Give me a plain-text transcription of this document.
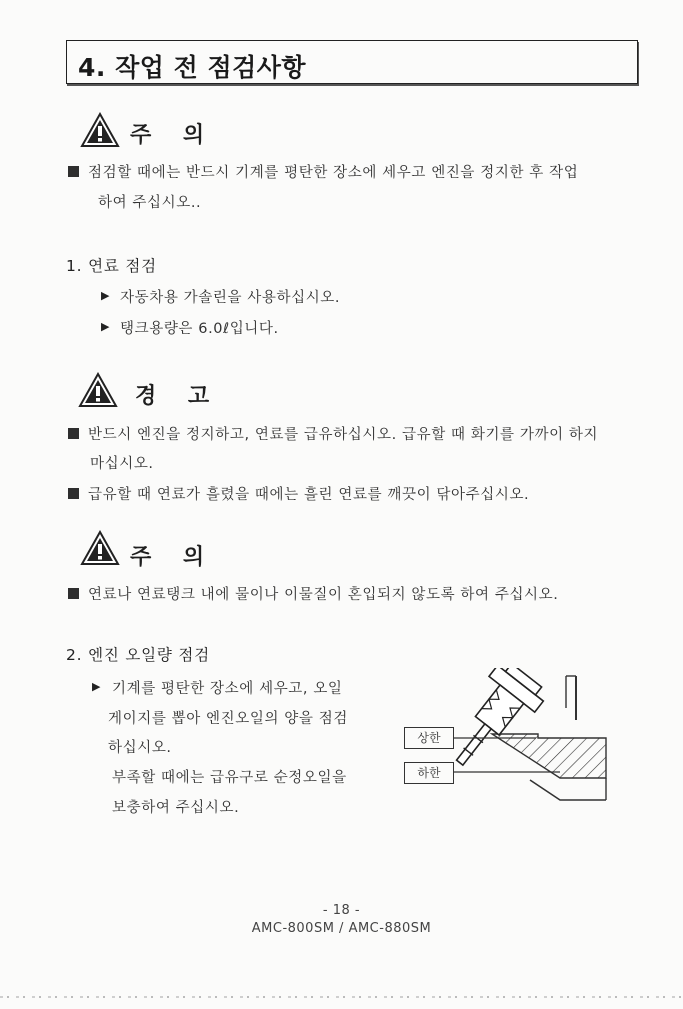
4. 작업 전 점검사항
주 의
점검할 때에는 반드시 기계를 평탄한 장소에 세우고 엔진을 정지한 후 작업
하여 주십시오..
1. 연료 점검
▶ 자동차용 가솔린을 사용하십시오.
▶ 탱크용량은 6.0ℓ입니다.
경 고
반드시 엔진을 정지하고, 연료를 급유하십시오. 급유할 때 화기를 가까이 하지
마십시오.
급유할 때 연료가 흘렸을 때에는 흘린 연료를 깨끗이 닦아주십시오.
주 의
연료나 연료탱크 내에 물이나 이물질이 혼입되지 않도록 하여 주십시오.
2. 엔진 오일량 점검
▶ 기계를 평탄한 장소에 세우고, 오일
게이지를 뽑아 엔진오일의 양을 점검
하십시오.
부족할 때에는 급유구로 순정오일을
보충하여 주십시오.
상한
하한
- 18 -
AMC-800SM / AMC-880SM
